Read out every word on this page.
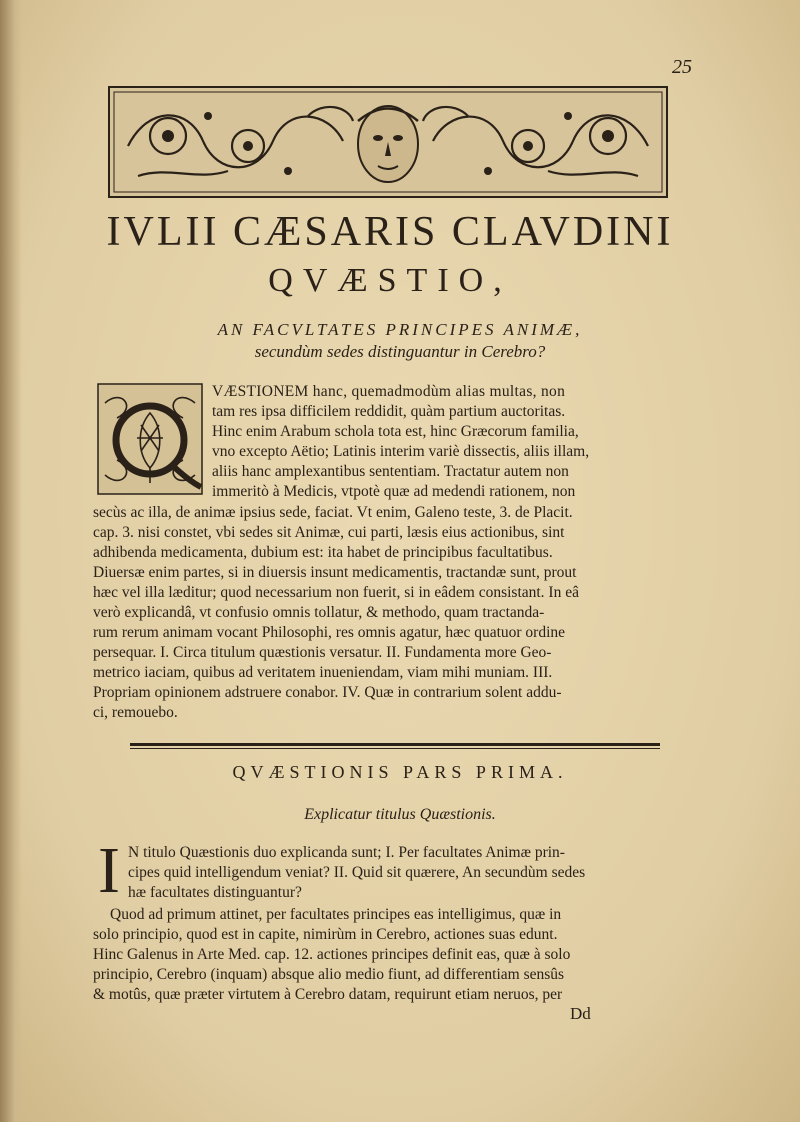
25
IVLII CÆSARIS CLAVDINI
QVÆSTIO,
AN FACVLTATES PRINCIPES ANIMÆ,
secundùm sedes distinguantur in Cerebro?
VÆSTIONEM hanc, quemadmodùm alias multas, non
tam res ipsa difficilem reddidit, quàm partium auctoritas.
Hinc enim Arabum schola tota est, hinc Græcorum familia,
vno excepto Aëtio; Latinis interim variè dissectis, aliis illam,
aliis hanc amplexantibus sententiam. Tractatur autem non
immeritò à Medicis, vtpotè quæ ad medendi rationem, non
secùs ac illa, de animæ ipsius sede, faciat. Vt enim, Galeno teste, 3. de Placit.
cap. 3. nisi constet, vbi sedes sit Animæ, cui parti, læsis eius actionibus, sint
adhibenda medicamenta, dubium est: ita habet de principibus facultatibus.
Diuersæ enim partes, si in diuersis insunt medicamentis, tractandæ sunt, prout
hæc vel illa læditur; quod necessarium non fuerit, si in eâdem consistant. In eâ
verò explicandâ, vt confusio omnis tollatur, & methodo, quam tractanda-
rum rerum animam vocant Philosophi, res omnis agatur, hæc quatuor ordine
persequar. I. Circa titulum quæstionis versatur. II. Fundamenta more Geo-
metrico iaciam, quibus ad veritatem inueniendam, viam mihi muniam. III.
Propriam opinionem adstruere conabor. IV. Quæ in contrarium solent addu-
ci, remouebo.
QVÆSTIONIS PARS PRIMA.
Explicatur titulus Quæstionis.
I N titulo Quæstionis duo explicanda sunt; I. Per facultates Animæ prin-
cipes quid intelligendum veniat? II. Quid sit quærere, An secundùm sedes
hæ facultates distinguantur?
Quod ad primum attinet, per facultates principes eas intelligimus, quæ in
solo principio, quod est in capite, nimirùm in Cerebro, actiones suas edunt.
Hinc Galenus in Arte Med. cap. 12. actiones principes definit eas, quæ à solo
principio, Cerebro (inquam) absque alio medio fiunt, ad differentiam sensûs
& motûs, quæ præter virtutem à Cerebro datam, requirunt etiam neruos, per
Dd
